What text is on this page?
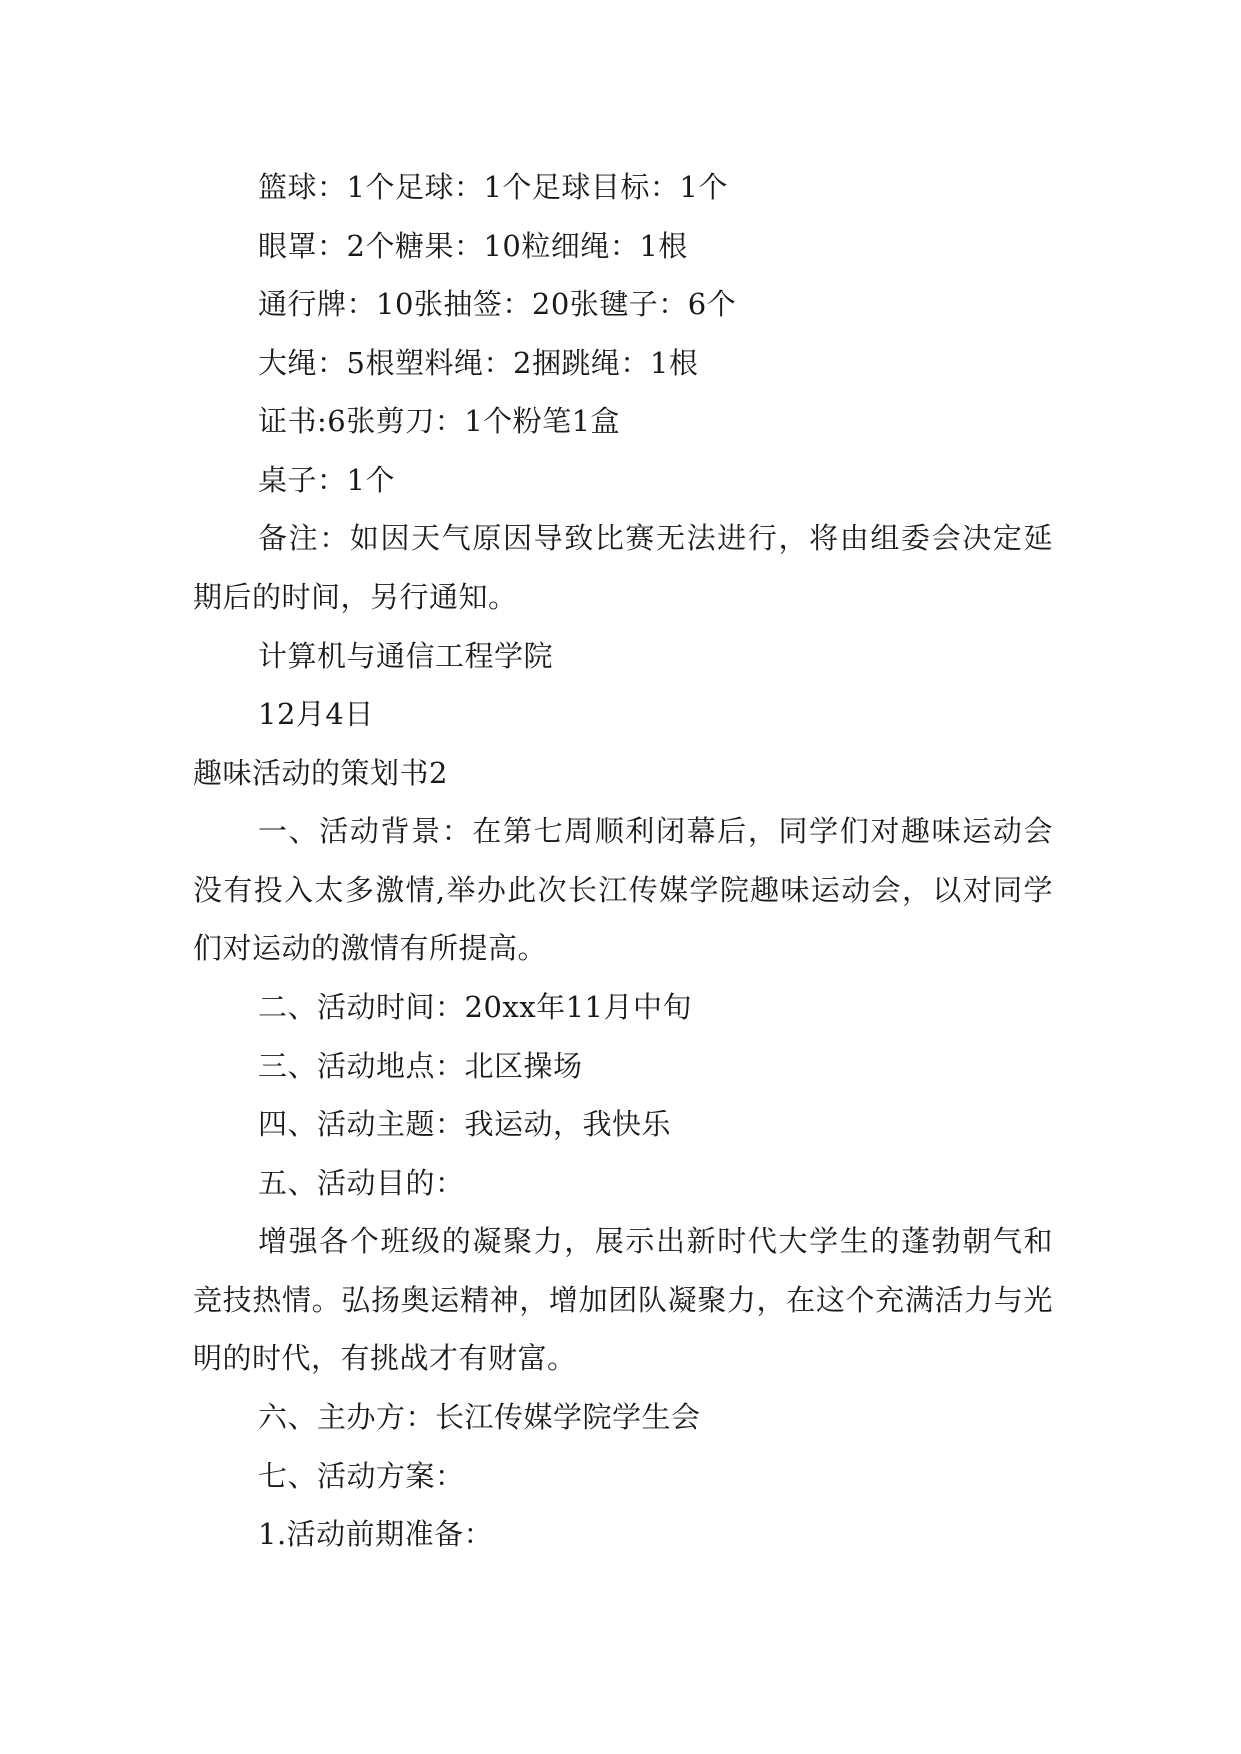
篮球：1个足球：1个足球目标：1个
眼罩：2个糖果：10粒细绳：1根
通行牌：10张抽签：20张毽子：6个
大绳：5根塑料绳：2捆跳绳：1根
证书:6张剪刀：1个粉笔1盒
桌子：1个
备注：如因天气原因导致比赛无法进行，将由组委会决定延期后的时间，另行通知。
计算机与通信工程学院
12月4日
趣味活动的策划书2
一、活动背景：在第七周顺利闭幕后，同学们对趣味运动会没有投入太多激情,举办此次长江传媒学院趣味运动会，以对同学们对运动的激情有所提高。
二、活动时间：20xx年11月中旬
三、活动地点：北区操场
四、活动主题：我运动，我快乐
五、活动目的：
增强各个班级的凝聚力，展示出新时代大学生的蓬勃朝气和竞技热情。弘扬奥运精神，增加团队凝聚力，在这个充满活力与光明的时代，有挑战才有财富。
六、主办方：长江传媒学院学生会
七、活动方案：
1.活动前期准备：
